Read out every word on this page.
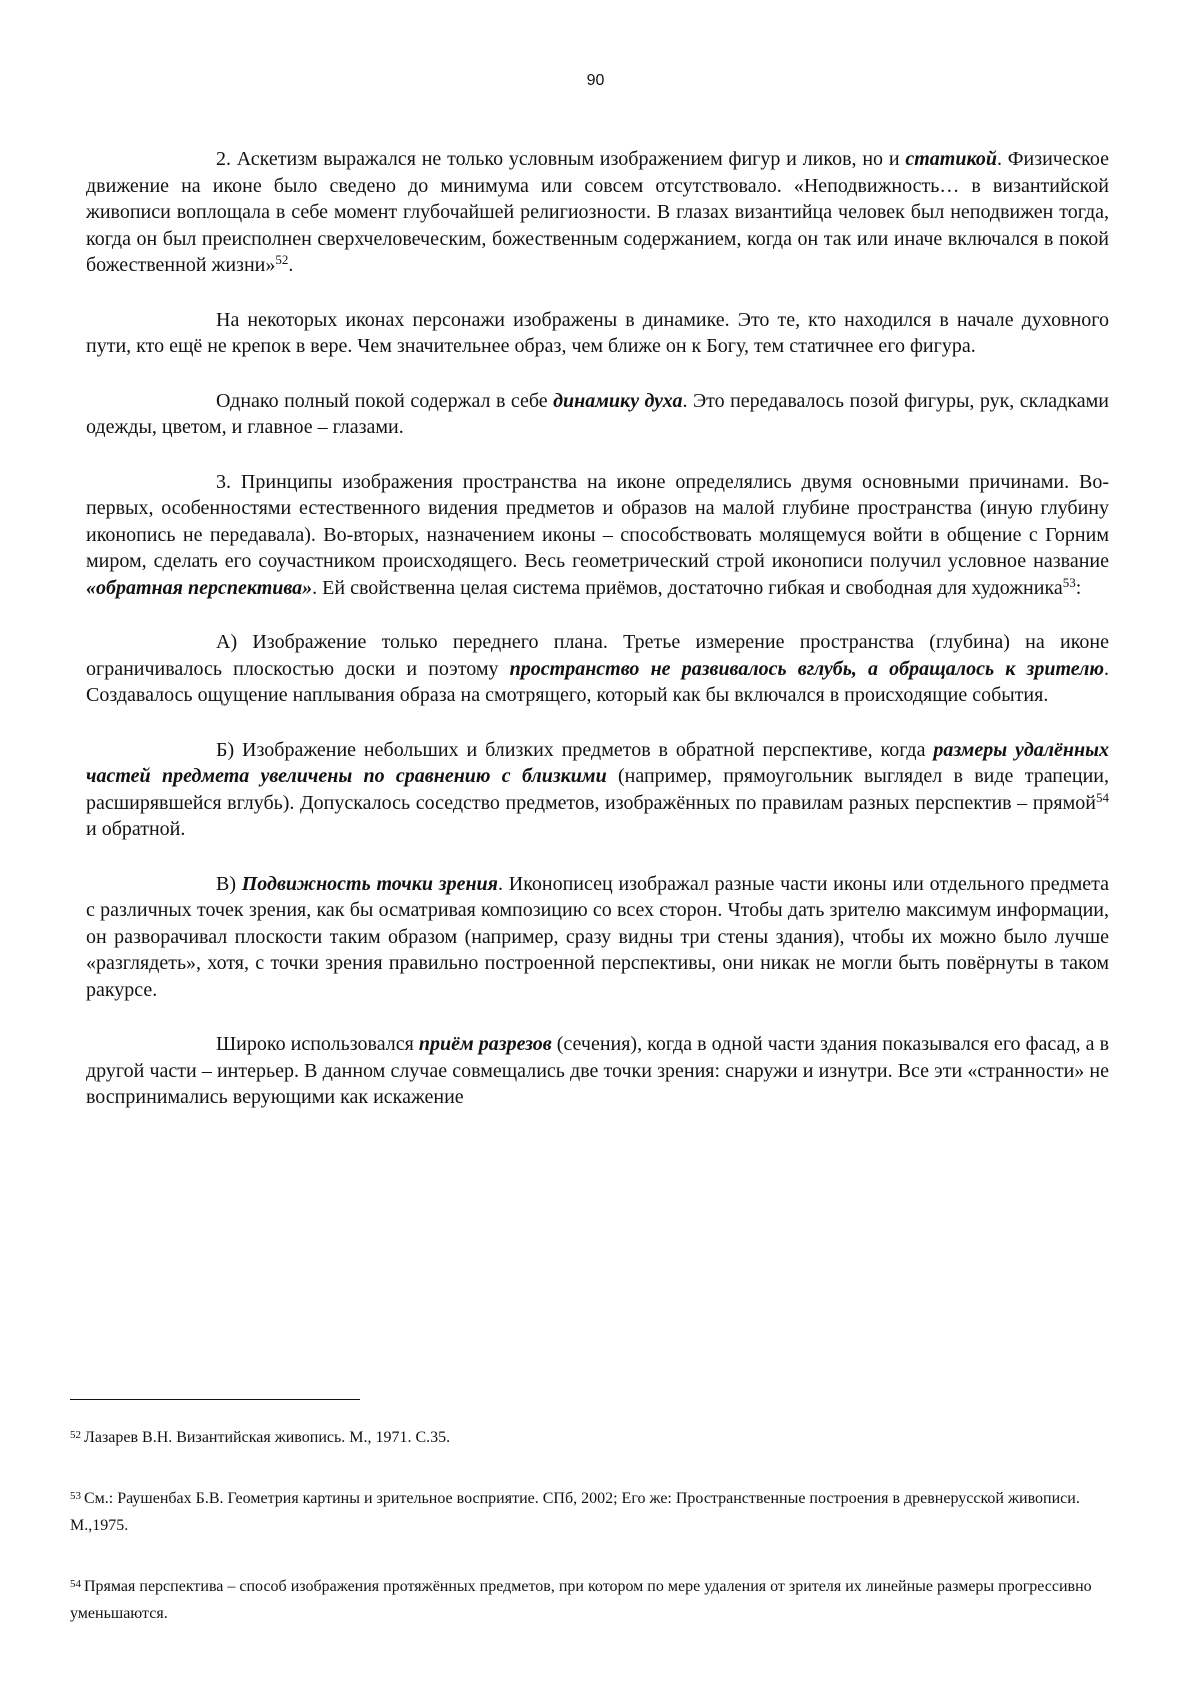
90

2. Аскетизм выражался не только условным изображением фигур и ликов, но и статикой. Физическое движение на иконе было сведено до минимума или совсем отсутствовало. «Неподвижность… в византийской живописи воплощала в себе момент глубочайшей религиозности. В глазах византийца человек был неподвижен тогда, когда он был преисполнен сверхчеловеческим, божественным содержанием, когда он так или иначе включался в покой божественной жизни»$^{52}$.

На некоторых иконах персонажи изображены в динамике. Это те, кто находился в начале духовного пути, кто ещё не крепок в вере. Чем значительнее образ, чем ближе он к Богу, тем статичнее его фигура.

Однако полный покой содержал в себе динамику духа. Это передавалось позой фигуры, рук, складками одежды, цветом, и главное – глазами.

3. Принципы изображения пространства на иконе определялись двумя основными причинами. Во-первых, особенностями естественного видения предметов и образов на малой глубине пространства (иную глубину иконопись не передавала). Во-вторых, назначением иконы – способствовать молящемуся войти в общение с Горним миром, сделать его соучастником происходящего. Весь геометрический строй иконописи получил условное название «обратная перспектива». Ей свойственна целая система приёмов, достаточно гибкая и свободная для художника$^{53}$:

А) Изображение только переднего плана. Третье измерение пространства (глубина) на иконе ограничивалось плоскостью доски и поэтому пространство не развивалось вглубь, а обращалось к зрителю. Создавалось ощущение наплывания образа на смотрящего, который как бы включался в происходящие события.

Б) Изображение небольших и близких предметов в обратной перспективе, когда размеры удалённых частей предмета увеличены по сравнению с близкими (например, прямоугольник выглядел в виде трапеции, расширявшейся вглубь). Допускалось соседство предметов, изображённых по правилам разных перспектив – прямой$^{54}$ и обратной.

В) Подвижность точки зрения. Иконописец изображал разные части иконы или отдельного предмета с различных точек зрения, как бы осматривая композицию со всех сторон. Чтобы дать зрителю максимум информации, он разворачивал плоскости таким образом (например, сразу видны три стены здания), чтобы их можно было лучше «разглядеть», хотя, с точки зрения правильно построенной перспективы, они никак не могли быть повёрнуты в таком ракурсе.

Широко использовался приём разрезов (сечения), когда в одной части здания показывался его фасад, а в другой части – интерьер. В данном случае совмещались две точки зрения: снаружи и изнутри. Все эти «странности» не воспринимались верующими как искажение

$^{52}$ Лазарев В.Н. Византийская живопись. М., 1971. С.35.
$^{53}$ См.: Раушенбах Б.В. Геометрия картины и зрительное восприятие. СПб, 2002; Его же: Пространственные построения в древнерусской живописи. М.,1975.
$^{54}$ Прямая перспектива – способ изображения протяжённых предметов, при котором по мере удаления от зрителя их линейные размеры прогрессивно уменьшаются.
